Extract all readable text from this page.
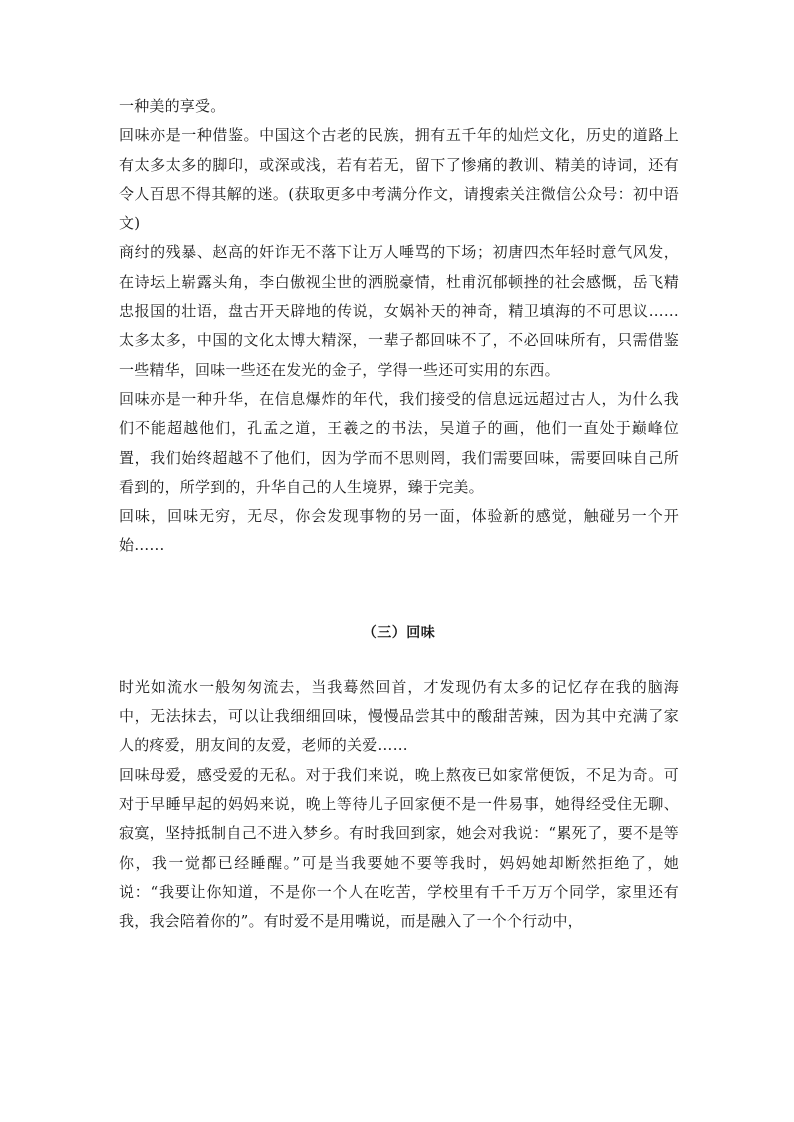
一种美的享受。

回味亦是一种借鉴。中国这个古老的民族，拥有五千年的灿烂文化，历史的道路上有太多太多的脚印，或深或浅，若有若无，留下了惨痛的教训、精美的诗词，还有令人百思不得其解的迷。(获取更多中考满分作文，请搜索关注微信公众号：初中语文)

商纣的残暴、赵高的奸诈无不落下让万人唾骂的下场；初唐四杰年轻时意气风发，在诗坛上崭露头角，李白傲视尘世的洒脱豪情，杜甫沉郁顿挫的社会感慨，岳飞精忠报国的壮语，盘古开天辟地的传说，女娲补天的神奇，精卫填海的不可思议……太多太多，中国的文化太博大精深，一辈子都回味不了，不必回味所有，只需借鉴一些精华，回味一些还在发光的金子，学得一些还可实用的东西。

回味亦是一种升华，在信息爆炸的年代，我们接受的信息远远超过古人，为什么我们不能超越他们，孔孟之道，王羲之的书法，吴道子的画，他们一直处于巅峰位置，我们始终超越不了他们，因为学而不思则罔，我们需要回味，需要回味自己所看到的，所学到的，升华自己的人生境界，臻于完美。

回味，回味无穷，无尽，你会发现事物的另一面，体验新的感觉，触碰另一个开始……

（三）回味

时光如流水一般匆匆流去，当我蓦然回首，才发现仍有太多的记忆存在我的脑海中，无法抹去，可以让我细细回味，慢慢品尝其中的酸甜苦辣，因为其中充满了家人的疼爱，朋友间的友爱，老师的关爱……

回味母爱，感受爱的无私。对于我们来说，晚上熬夜已如家常便饭，不足为奇。可对于早睡早起的妈妈来说，晚上等待儿子回家便不是一件易事，她得经受住无聊、寂寞，坚持抵制自己不进入梦乡。有时我回到家，她会对我说：“累死了，要不是等你，我一觉都已经睡醒。”可是当我要她不要等我时，妈妈她却断然拒绝了，她说：“我要让你知道，不是你一个人在吃苦，学校里有千千万万个同学，家里还有我，我会陪着你的”。有时爱不是用嘴说，而是融入了一个个行动中，
